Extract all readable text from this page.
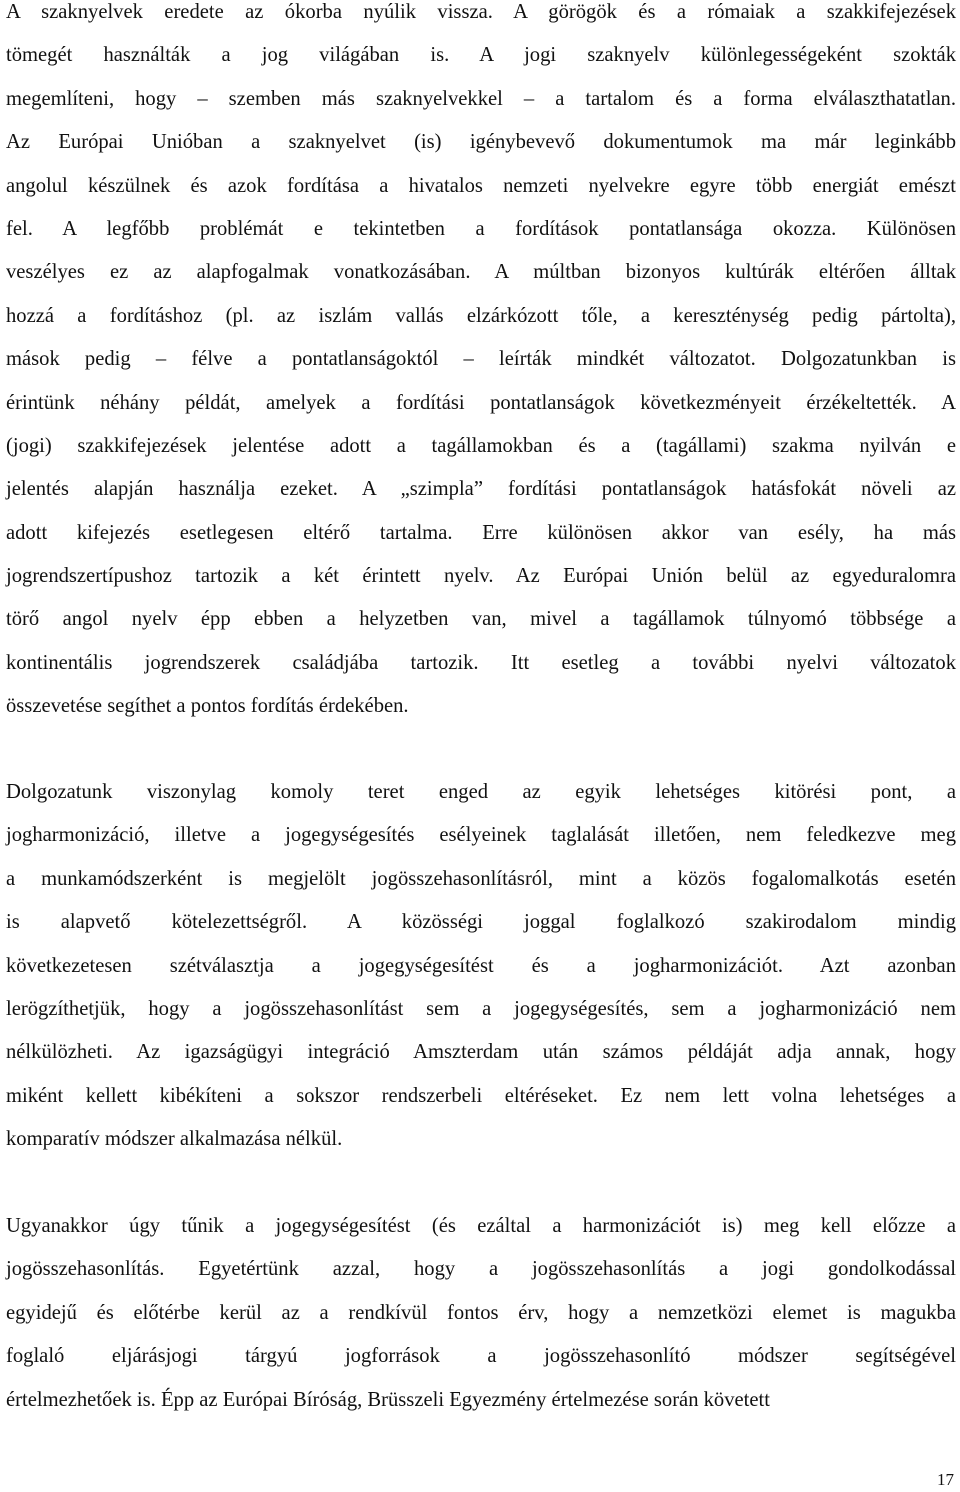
A szaknyelvek eredete az ókorba nyúlik vissza. A görögök és a rómaiak a szakkifejezések
tömegét használták a jog világában is. A jogi szaknyelv különlegességeként szokták
megemlíteni, hogy – szemben más szaknyelvekkel – a tartalom és a forma elválaszthatatlan.
Az Európai Unióban a szaknyelvet (is) igénybevevő dokumentumok ma már leginkább
angolul készülnek és azok fordítása a hivatalos nemzeti nyelvekre egyre több energiát emészt
fel. A legfőbb problémát e tekintetben a fordítások pontatlansága okozza. Különösen
veszélyes ez az alapfogalmak vonatkozásában. A múltban bizonyos kultúrák eltérően álltak
hozzá a fordításhoz (pl. az iszlám vallás elzárkózott tőle, a kereszténység pedig pártolta),
mások pedig – félve a pontatlanságoktól – leírták mindkét változatot. Dolgozatunkban is
érintünk néhány példát, amelyek a fordítási pontatlanságok következményeit érzékeltették. A
(jogi) szakkifejezések jelentése adott a tagállamokban és a (tagállami) szakma nyilván e
jelentés alapján használja ezeket. A „szimpla” fordítási pontatlanságok hatásfokát növeli az
adott kifejezés esetlegesen eltérő tartalma. Erre különösen akkor van esély, ha más
jogrendszertípushoz tartozik a két érintett nyelv. Az Európai Unión belül az egyeduralomra
törő angol nyelv épp ebben a helyzetben van, mivel a tagállamok túlnyomó többsége a
kontinentális jogrendszerek családjába tartozik. Itt esetleg a további nyelvi változatok
összevetése segíthet a pontos fordítás érdekében.
Dolgozatunk viszonylag komoly teret enged az egyik lehetséges kitörési pont, a
jogharmonizáció, illetve a jogegységesítés esélyeinek taglalását illetően, nem feledkezve meg
a munkamódszerként is megjelölt jogösszehasonlításról, mint a közös fogalomalkotás esetén
is alapvető kötelezettségről. A közösségi joggal foglalkozó szakirodalom mindig
következetesen szétválasztja a jogegységesítést és a jogharmonizációt. Azt azonban
lerögzíthetjük, hogy a jogösszehasonlítást sem a jogegységesítés, sem a jogharmonizáció nem
nélkülözheti. Az igazságügyi integráció Amszterdam után számos példáját adja annak, hogy
miként kellett kibékíteni a sokszor rendszerbeli eltéréseket. Ez nem lett volna lehetséges a
komparatív módszer alkalmazása nélkül.
Ugyanakkor úgy tűnik a jogegységesítést (és ezáltal a harmonizációt is) meg kell előzze a
jogösszehasonlítás. Egyetértünk azzal, hogy a jogösszehasonlítás a jogi gondolkodással
egyidejű és előtérbe kerül az a rendkívül fontos érv, hogy a nemzetközi elemet is magukba
foglaló eljárásjogi tárgyú jogforrások a jogösszehasonlító módszer segítségével
értelmezhetőek is. Épp az Európai Bíróság, Brüsszeli Egyezmény értelmezése során követett
17
